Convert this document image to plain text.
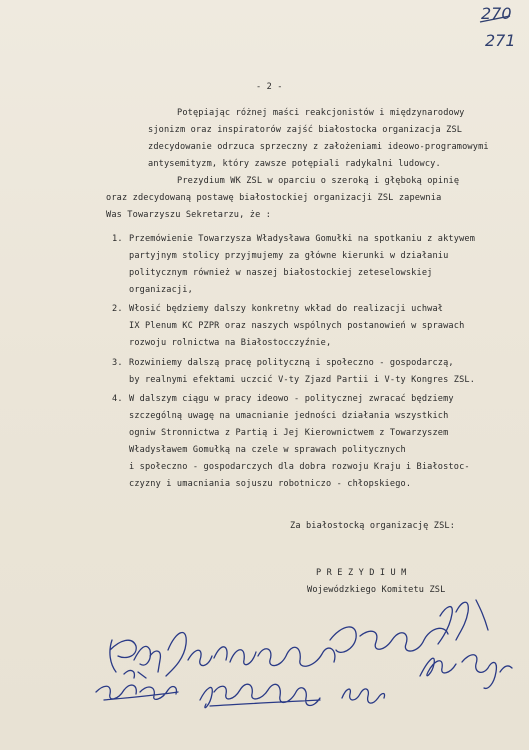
270
271
- 2 -
Potępiając różnej maści reakcjonistów i międzynarodowy
sjonizm oraz inspiratorów zajść białostocka organizacja ZSL
zdecydowanie odrzuca sprzeczny z założeniami ideowo-programowymi
antysemityzm, który zawsze potępiali radykalni ludowcy.
Prezydium WK ZSL w oparciu o szeroką i głęboką opinię
oraz zdecydowaną postawę białostockiej organizacji ZSL zapewnia
Was Towarzyszu Sekretarzu, że :
1. Przemówienie Towarzysza Władysława Gomułki na spotkaniu z aktywem
partyjnym stolicy przyjmujemy za główne kierunki w działaniu
politycznym również w naszej białostockiej zeteselowskiej
organizacji,
2. Włosić będziemy dalszy konkretny wkład do realizacji uchwał
IX Plenum KC PZPR oraz naszych wspólnych postanowień w sprawach
rozwoju rolnictwa na Białostocczyźnie,
3. Rozwiniemy dalszą pracę polityczną i społeczno - gospodarczą,
by realnymi efektami uczcić V-ty Zjazd Partii i V-ty Kongres ZSL.
4. W dalszym ciągu w pracy ideowo - politycznej zwracać będziemy
szczególną uwagę na umacnianie jedności działania wszystkich
ogniw Stronnictwa z Partią i Jej Kierownictwem z Towarzyszem
Władysławem Gomułką na czele w sprawach politycznych
i społeczno - gospodarczych dla dobra rozwoju Kraju i Białostoc-
czyzny i umacniania sojuszu robotniczo - chłopskiego.
Za białostocką organizację ZSL:
P R E Z Y D I U M
Wojewódzkiego Komitetu ZSL
